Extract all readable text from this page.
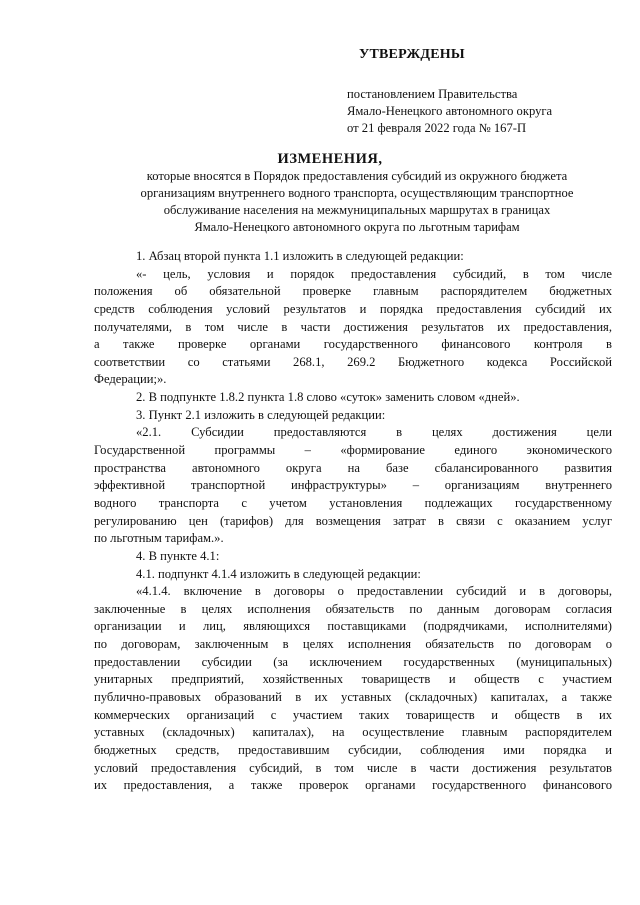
УТВЕРЖДЕНЫ

постановлением Правительства

Ямало-Ненецкого автономного округа

от 21 февраля 2022 года № 167-П

ИЗМЕНЕНИЯ,

которые вносятся в Порядок предоставления субсидий из окружного бюджета

организациям внутреннего водного транспорта, осуществляющим транспортное

обслуживание населения на межмуниципальных маршрутах в границах

Ямало-Ненецкого автономного округа по льготным тарифам

1. Абзац второй пункта 1.1 изложить в следующей редакции:

«- цель, условия и порядок предоставления субсидий, в том числе

положения об обязательной проверке главным распорядителем бюджетных

средств соблюдения условий результатов и порядка предоставления субсидий их

получателями, в том числе в части достижения результатов их предоставления,

а также проверке органами государственного финансового контроля в

соответствии со статьями 268.1, 269.2 Бюджетного кодекса Российской

Федерации;».

2. В подпункте 1.8.2 пункта 1.8 слово «суток» заменить словом «дней».

3. Пункт 2.1 изложить в следующей редакции:

«2.1. Субсидии предоставляются в целях достижения цели

Государственной программы – «формирование единого экономического

пространства автономного округа на базе сбалансированного развития

эффективной транспортной инфраструктуры» – организациям внутреннего

водного транспорта с учетом установления подлежащих государственному

регулированию цен (тарифов) для возмещения затрат в связи с оказанием услуг

по льготным тарифам.».

4. В пункте 4.1:

4.1. подпункт 4.1.4 изложить в следующей редакции:

«4.1.4. включение в договоры о предоставлении субсидий и в договоры,

заключенные в целях исполнения обязательств по данным договорам согласия

организации и лиц, являющихся поставщиками (подрядчиками, исполнителями)

по договорам, заключенным в целях исполнения обязательств по договорам о

предоставлении субсидии (за исключением государственных (муниципальных)

унитарных предприятий, хозяйственных товариществ и обществ с участием

публично-правовых образований в их уставных (складочных) капиталах, а также

коммерческих организаций с участием таких товариществ и обществ в их

уставных (складочных) капиталах), на осуществление главным распорядителем

бюджетных средств, предоставившим субсидии, соблюдения ими порядка и

условий предоставления субсидий, в том числе в части достижения результатов

их предоставления, а также проверок органами государственного финансового
